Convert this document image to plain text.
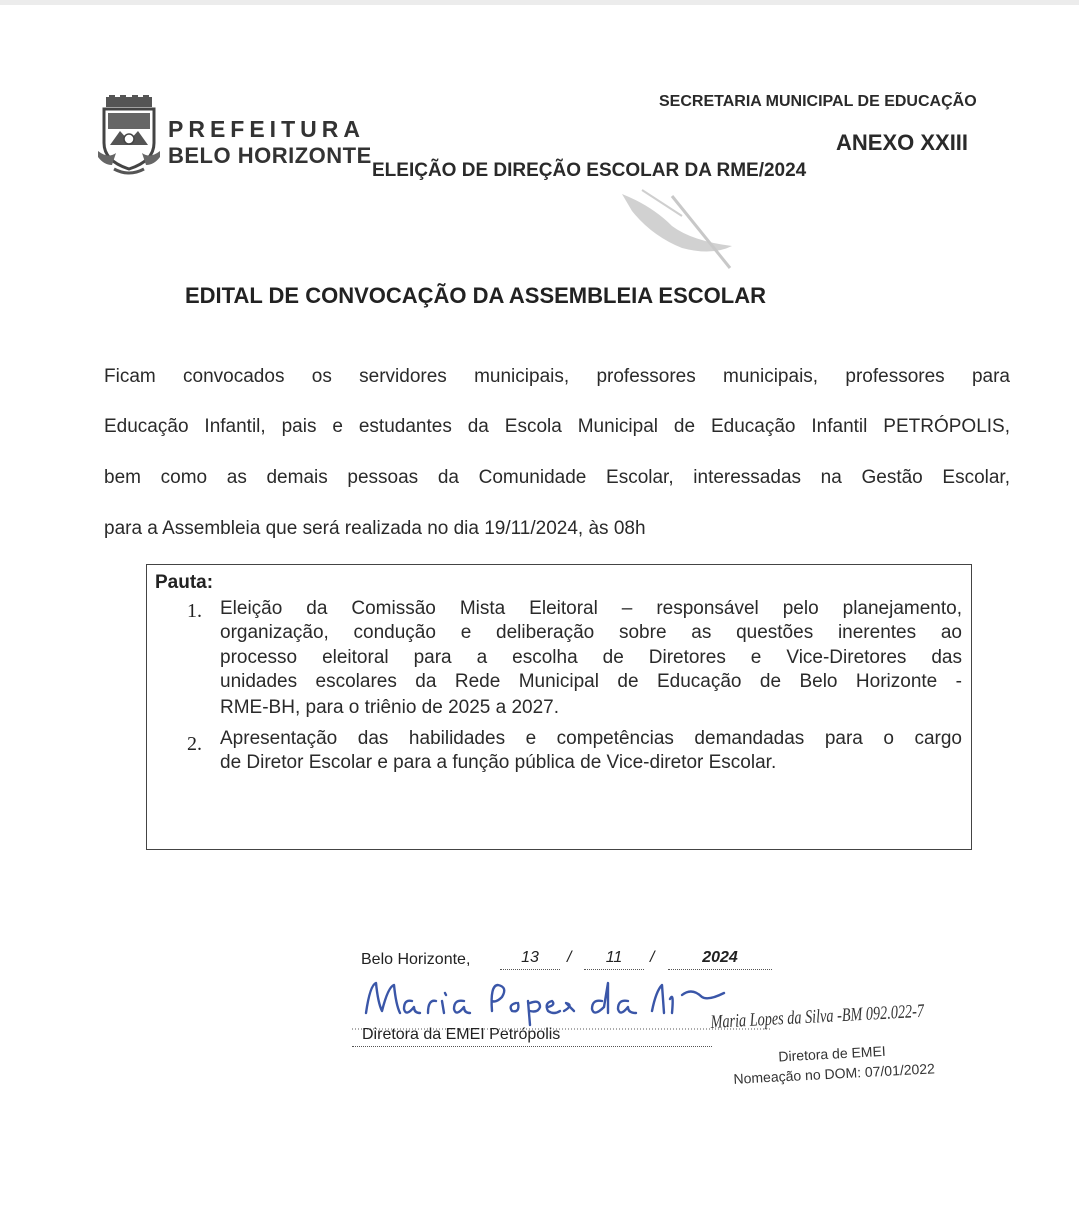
PREFEITURA
BELO HORIZONTE
SECRETARIA MUNICIPAL DE EDUCAÇÃO
ANEXO XXIII
ELEIÇÃO DE DIREÇÃO ESCOLAR DA RME/2024
EDITAL DE CONVOCAÇÃO DA ASSEMBLEIA ESCOLAR
Ficam convocados os servidores municipais, professores municipais, professores para
Educação Infantil, pais e estudantes da Escola Municipal de Educação Infantil PETRÓPOLIS,
bem como as demais pessoas da Comunidade Escolar, interessadas na Gestão Escolar,
para a Assembleia que será realizada no dia 19/11/2024, às 08h
Pauta:
1. Eleição da Comissão Mista Eleitoral – responsável pelo planejamento,
organização, condução e deliberação sobre as questões inerentes ao
processo eleitoral para a escolha de Diretores e Vice-Diretores das
unidades escolares da Rede Municipal de Educação de Belo Horizonte -
RME-BH, para o triênio de 2025 a 2027.
2. Apresentação das habilidades e competências demandadas para o cargo
de Diretor Escolar e para a função pública de Vice-diretor Escolar.
Belo Horizonte,	13	/	11	/	2024
Diretora da EMEI Petrópolis
Maria Lopes da Silva -BM 092.022-7
Diretora de EMEI
Nomeação no DOM: 07/01/2022
